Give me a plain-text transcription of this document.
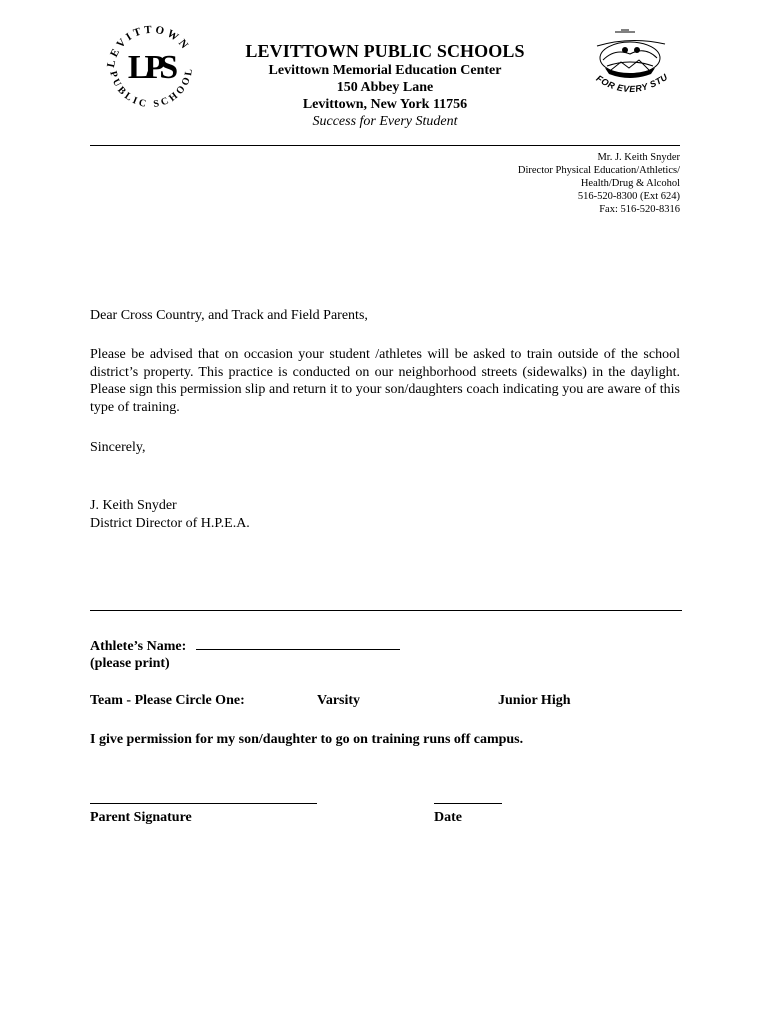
LEVITTOWN
PUBLIC SCHOOL
LPS	FOR EVERY STU
LEVITTOWN PUBLIC SCHOOLS
Levittown Memorial Education Center
150 Abbey Lane
Levittown, New York 11756
Success for Every Student
Mr. J. Keith Snyder
Director Physical Education/Athletics/
Health/Drug & Alcohol
516-520-8300 (Ext 624)
Fax: 516-520-8316
Dear Cross Country, and Track and Field Parents,
Please be advised that on occasion your student /athletes will be asked to train outside of the school district’s property. This practice is conducted on our neighborhood streets (sidewalks) in the daylight. Please sign this permission slip and return it to your son/daughters coach indicating you are aware of this type of training.
Sincerely,
J. Keith Snyder
District Director of H.P.E.A.
Athlete’s Name:
(please print)
Team - Please Circle One:	Varsity	Junior High
I give permission for my son/daughter to go on training runs off campus.
Parent Signature	Date
